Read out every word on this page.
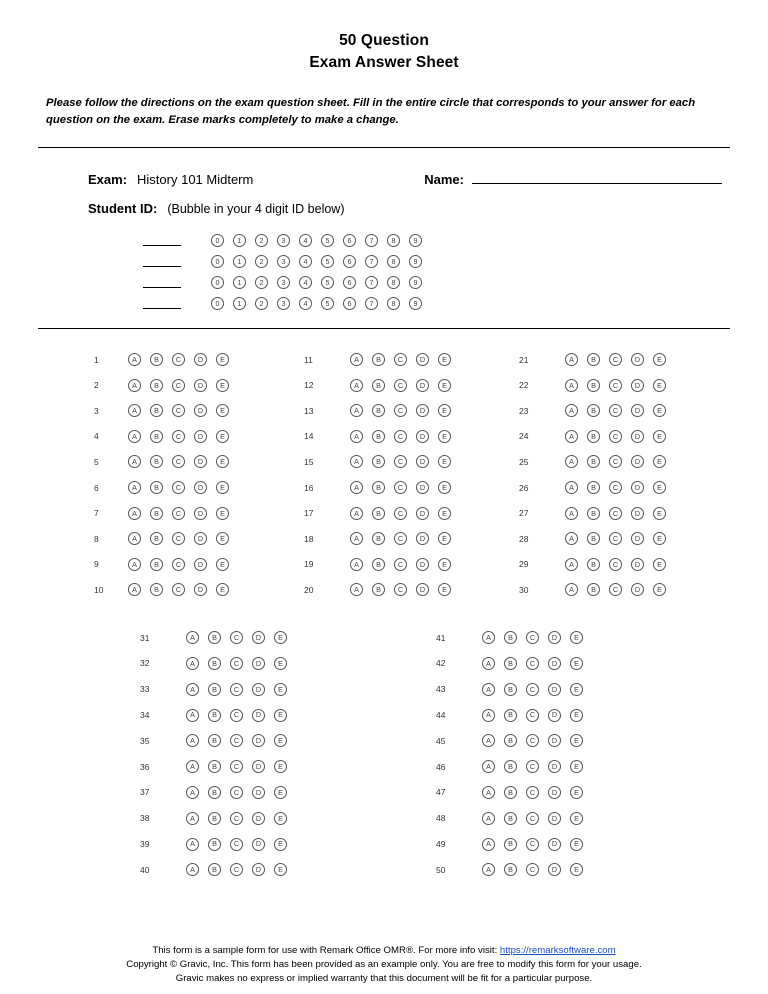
50 Question
Exam Answer Sheet
Please follow the directions on the exam question sheet. Fill in the entire circle that corresponds to your answer for each question on the exam. Erase marks completely to make a change.
Exam: History 101 Midterm	Name:
Student ID: (Bubble in your 4 digit ID below)
0	1	2	3	4	5	6	7	8	9
0	1	2	3	4	5	6	7	8	9
0	1	2	3	4	5	6	7	8	9
0	1	2	3	4	5	6	7	8	9
1	A	B	C	D	E
2	A	B	C	D	E
3	A	B	C	D	E
4	A	B	C	D	E
5	A	B	C	D	E
6	A	B	C	D	E
7	A	B	C	D	E
8	A	B	C	D	E
9	A	B	C	D	E
10	A	B	C	D	E
11	A	B	C	D	E
12	A	B	C	D	E
13	A	B	C	D	E
14	A	B	C	D	E
15	A	B	C	D	E
16	A	B	C	D	E
17	A	B	C	D	E
18	A	B	C	D	E
19	A	B	C	D	E
20	A	B	C	D	E
21	A	B	C	D	E
22	A	B	C	D	E
23	A	B	C	D	E
24	A	B	C	D	E
25	A	B	C	D	E
26	A	B	C	D	E
27	A	B	C	D	E
28	A	B	C	D	E
29	A	B	C	D	E
30	A	B	C	D	E
31	A	B	C	D	E
32	A	B	C	D	E
33	A	B	C	D	E
34	A	B	C	D	E
35	A	B	C	D	E
36	A	B	C	D	E
37	A	B	C	D	E
38	A	B	C	D	E
39	A	B	C	D	E
40	A	B	C	D	E
41	A	B	C	D	E
42	A	B	C	D	E
43	A	B	C	D	E
44	A	B	C	D	E
45	A	B	C	D	E
46	A	B	C	D	E
47	A	B	C	D	E
48	A	B	C	D	E
49	A	B	C	D	E
50	A	B	C	D	E
This form is a sample form for use with Remark Office OMR®. For more info visit: https://remarksoftware.com
Copyright © Gravic, Inc. This form has been provided as an example only. You are free to modify this form for your usage.
Gravic makes no express or implied warranty that this document will be fit for a particular purpose.
